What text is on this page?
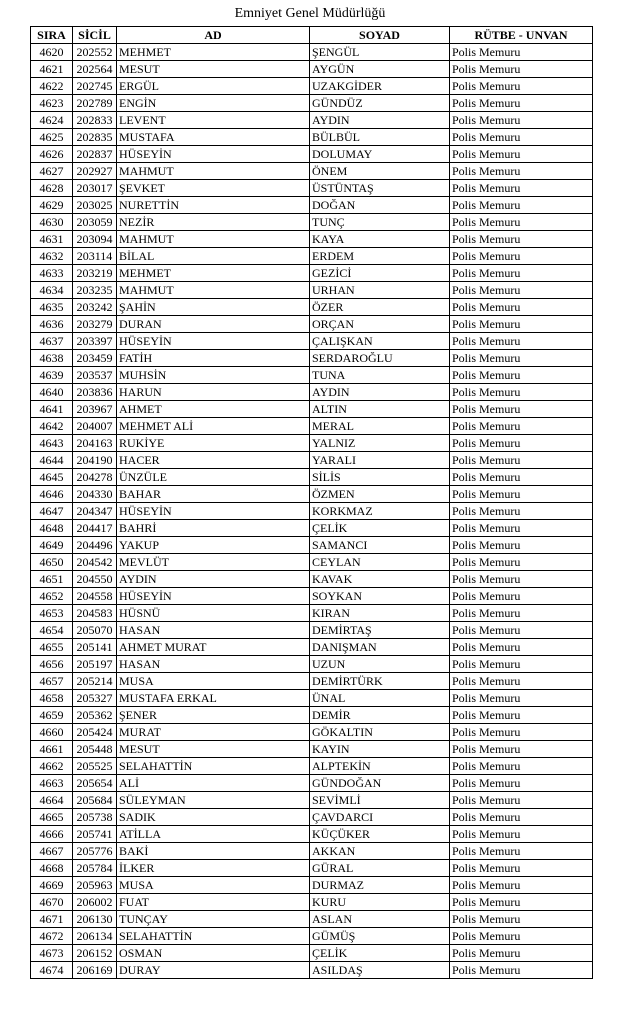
Emniyet Genel Müdürlüğü
SIRA	SİCİL	AD	SOYAD	RÜTBE - UNVAN
4620	202552	MEHMET	ŞENGÜL	Polis Memuru
4621	202564	MESUT	AYGÜN	Polis Memuru
4622	202745	ERGÜL	UZAKGİDER	Polis Memuru
4623	202789	ENGİN	GÜNDÜZ	Polis Memuru
4624	202833	LEVENT	AYDIN	Polis Memuru
4625	202835	MUSTAFA	BÜLBÜL	Polis Memuru
4626	202837	HÜSEYİN	DOLUMAY	Polis Memuru
4627	202927	MAHMUT	ÖNEM	Polis Memuru
4628	203017	ŞEVKET	ÜSTÜNTAŞ	Polis Memuru
4629	203025	NURETTİN	DOĞAN	Polis Memuru
4630	203059	NEZİR	TUNÇ	Polis Memuru
4631	203094	MAHMUT	KAYA	Polis Memuru
4632	203114	BİLAL	ERDEM	Polis Memuru
4633	203219	MEHMET	GEZİCİ	Polis Memuru
4634	203235	MAHMUT	URHAN	Polis Memuru
4635	203242	ŞAHİN	ÖZER	Polis Memuru
4636	203279	DURAN	ORÇAN	Polis Memuru
4637	203397	HÜSEYİN	ÇALIŞKAN	Polis Memuru
4638	203459	FATİH	SERDAROĞLU	Polis Memuru
4639	203537	MUHSİN	TUNA	Polis Memuru
4640	203836	HARUN	AYDIN	Polis Memuru
4641	203967	AHMET	ALTIN	Polis Memuru
4642	204007	MEHMET ALİ	MERAL	Polis Memuru
4643	204163	RUKİYE	YALNIZ	Polis Memuru
4644	204190	HACER	YARALI	Polis Memuru
4645	204278	ÜNZÜLE	SİLİS	Polis Memuru
4646	204330	BAHAR	ÖZMEN	Polis Memuru
4647	204347	HÜSEYİN	KORKMAZ	Polis Memuru
4648	204417	BAHRİ	ÇELİK	Polis Memuru
4649	204496	YAKUP	SAMANCI	Polis Memuru
4650	204542	MEVLÜT	CEYLAN	Polis Memuru
4651	204550	AYDIN	KAVAK	Polis Memuru
4652	204558	HÜSEYİN	SOYKAN	Polis Memuru
4653	204583	HÜSNÜ	KIRAN	Polis Memuru
4654	205070	HASAN	DEMİRTAŞ	Polis Memuru
4655	205141	AHMET MURAT	DANIŞMAN	Polis Memuru
4656	205197	HASAN	UZUN	Polis Memuru
4657	205214	MUSA	DEMİRTÜRK	Polis Memuru
4658	205327	MUSTAFA ERKAL	ÜNAL	Polis Memuru
4659	205362	ŞENER	DEMİR	Polis Memuru
4660	205424	MURAT	GÖKALTIN	Polis Memuru
4661	205448	MESUT	KAYIN	Polis Memuru
4662	205525	SELAHATTİN	ALPTEKİN	Polis Memuru
4663	205654	ALİ	GÜNDOĞAN	Polis Memuru
4664	205684	SÜLEYMAN	SEVİMLİ	Polis Memuru
4665	205738	SADIK	ÇAVDARCI	Polis Memuru
4666	205741	ATİLLA	KÜÇÜKER	Polis Memuru
4667	205776	BAKİ	AKKAN	Polis Memuru
4668	205784	İLKER	GÜRAL	Polis Memuru
4669	205963	MUSA	DURMAZ	Polis Memuru
4670	206002	FUAT	KURU	Polis Memuru
4671	206130	TUNÇAY	ASLAN	Polis Memuru
4672	206134	SELAHATTİN	GÜMÜŞ	Polis Memuru
4673	206152	OSMAN	ÇELİK	Polis Memuru
4674	206169	DURAY	ASILDAŞ	Polis Memuru
